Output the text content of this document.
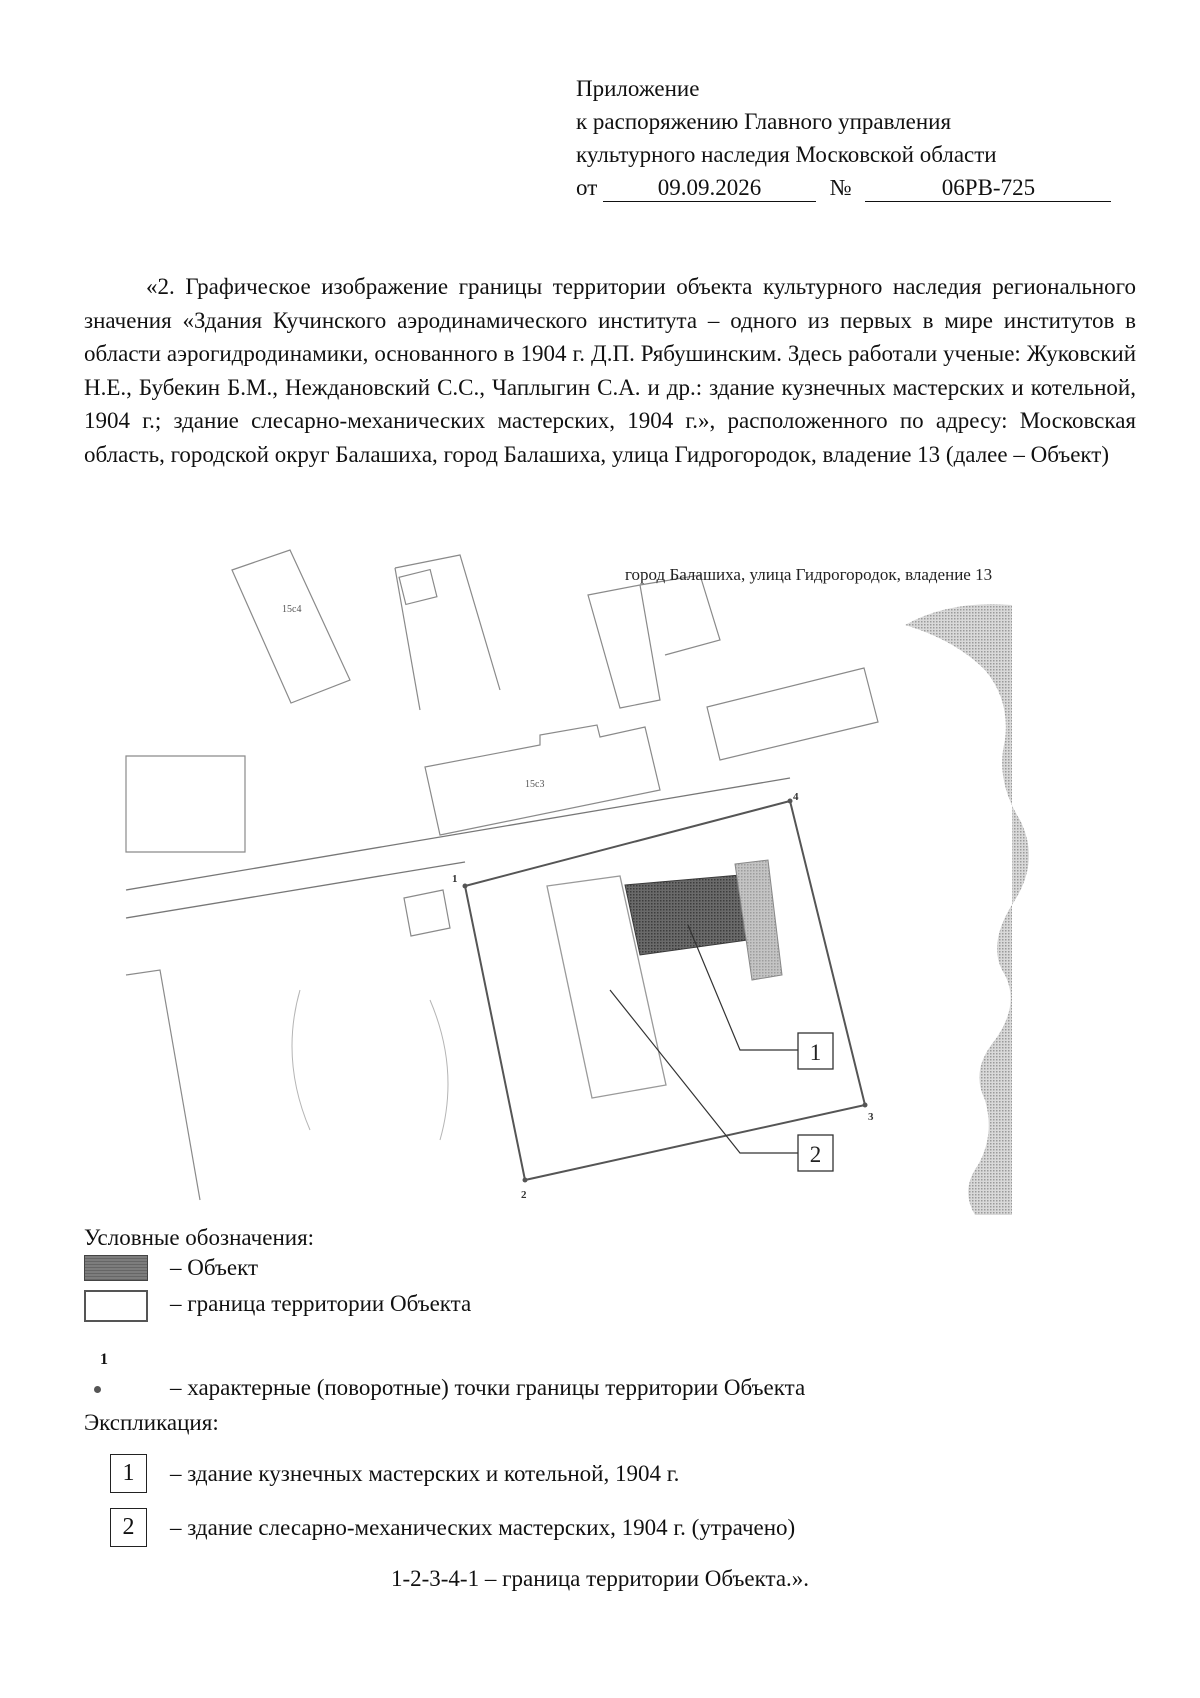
Приложение
к распоряжению Главного управления
культурного наследия Московской области
от	09.09.2026	№	06РВ-725

«2. Графическое изображение границы территории объекта культурного наследия регионального значения «Здания Кучинского аэродинамического института – одного из первых в мире институтов в области аэрогидродинамики, основанного в 1904 г. Д.П. Рябушинским. Здесь работали ученые: Жуковский Н.Е., Бубекин Б.М., Неждановский С.С., Чаплыгин С.А. и др.: здание кузнечных мастерских и котельной, 1904 г.; здание слесарно-механических мастерских, 1904 г.», расположенного по адресу: Московская область, городской округ Балашиха, город Балашиха, улица Гидрогородок, владение 13 (далее – Объект)

город Балашиха, улица Гидрогородок, владение 13
15с4
15с3
1
2
3
4
1
2
Условные обозначения:
– Объект
– граница территории Объекта
1
– характерные (поворотные) точки границы территории Объекта
Экспликация:
1	– здание кузнечных мастерских и котельной, 1904 г.
2	– здание слесарно-механических мастерских, 1904 г. (утрачено)
1-2-3-4-1 – граница территории Объекта.».
